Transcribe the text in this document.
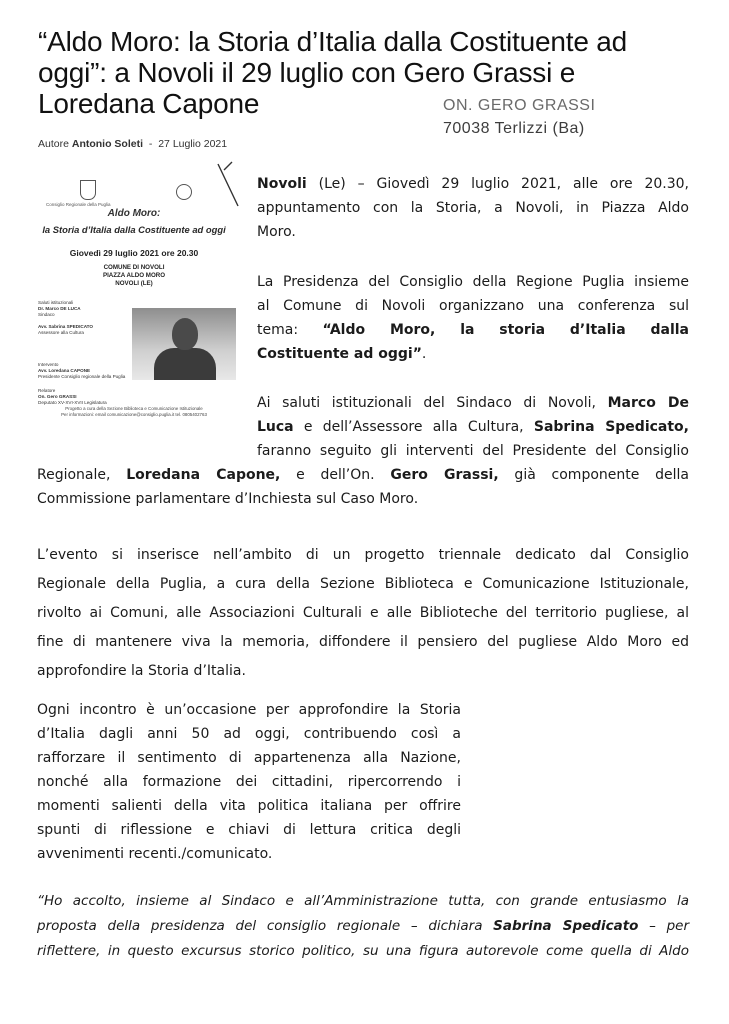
“Aldo Moro: la Storia d’Italia dalla Costituente ad
oggi”: a Novoli il 29 luglio con Gero Grassi e
Loredana Capone	ON. GERO GRASSI
70038 Terlizzi (Ba)
Autore Antonio Soleti - 27 Luglio 2021
Consiglio Regionale della Puglia
Aldo Moro:
la Storia d’Italia dalla Costituente ad oggi
Giovedì 29 luglio 2021 ore 20.30
COMUNE DI NOVOLI
PIAZZA ALDO MORO
NOVOLI (LE)
Saluti istituzionali
Dr. Marco DE LUCA
Sindaco
Avv. Sabrina SPEDICATO
Assessore alla Cultura
Intervento
Avv. Loredana CAPONE
Presidente Consiglio regionale della Puglia
Relatore
On. Gero GRASSI
Deputato XV-XVI-XVII Legislatura
Progetto a cura della Sezione Biblioteca e Comunicazione Istituzionale
Per informazioni: email comunicazione@consiglio.puglia.it tel. 0805402763
Novoli (Le) – Giovedì 29 luglio 2021, alle ore 20.30,
appuntamento con la Storia, a Novoli, in Piazza Aldo
Moro.
La Presidenza del Consiglio della Regione Puglia insieme
al Comune di Novoli organizzano una conferenza sul
tema: “Aldo Moro, la storia d’Italia dalla
Costituente ad oggi”.
Ai saluti istituzionali del Sindaco di Novoli, Marco De
Luca e dell’Assessore alla Cultura, Sabrina Spedicato,
faranno seguito gli interventi del Presidente del Consiglio
Regionale, Loredana Capone, e dell’On. Gero Grassi, già componente della
Commissione parlamentare d’Inchiesta sul Caso Moro.
L’evento si inserisce nell’ambito di un progetto triennale dedicato dal Consiglio
Regionale della Puglia, a cura della Sezione Biblioteca e Comunicazione Istituzionale,
rivolto ai Comuni, alle Associazioni Culturali e alle Biblioteche del territorio pugliese, al
fine di mantenere viva la memoria, diffondere il pensiero del pugliese Aldo Moro ed
approfondire la Storia d’Italia.
Ogni incontro è un’occasione per approfondire la Storia
d’Italia dagli anni 50 ad oggi, contribuendo così a
rafforzare il sentimento di appartenenza alla Nazione,
nonché alla formazione dei cittadini, ripercorrendo i
momenti salienti della vita politica italiana per offrire
spunti di riflessione e chiavi di lettura critica degli
avvenimenti recenti./comunicato.
“Ho accolto, insieme al Sindaco e all’Amministrazione tutta, con grande entusiasmo la
proposta della presidenza del consiglio regionale – dichiara Sabrina Spedicato – per
riflettere, in questo excursus storico politico, su una figura autorevole come quella di Aldo
